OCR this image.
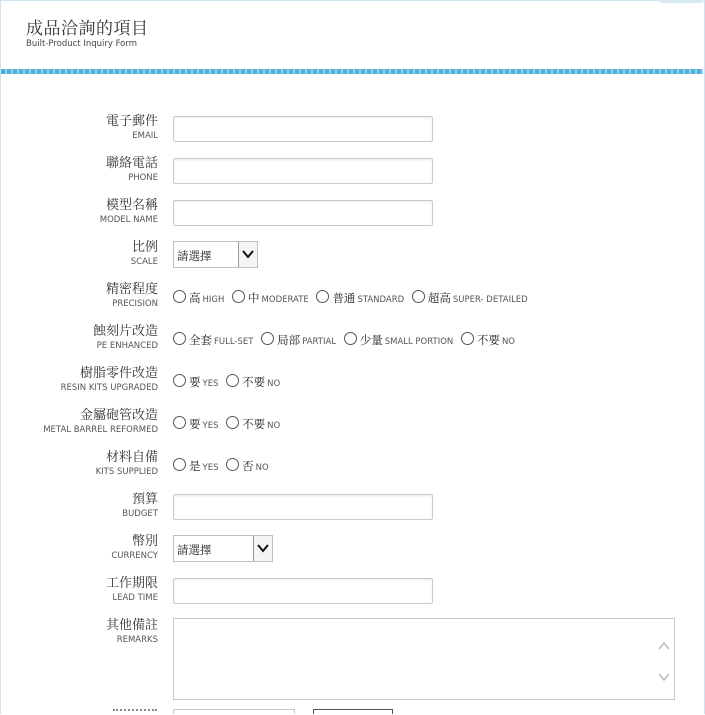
成品洽詢的項目
Built-Product Inquiry Form
電子郵件
EMAIL
聯絡電話
PHONE
模型名稱
MODEL NAME
比例
SCALE	請選擇
精密程度
PRECISION	高 HIGH 中 MODERATE 普通 STANDARD 超高 SUPER- DETAILED
蝕刻片改造
PE ENHANCED	全套 FULL-SET 局部 PARTIAL 少量 SMALL PORTION 不要 NO
樹脂零件改造
RESIN KITS UPGRADED	要 YES 不要 NO
金屬砲管改造
METAL BARREL REFORMED	要 YES 不要 NO
材料自備
KITS SUPPLIED	是 YES 否 NO
預算
BUDGET
幣別
CURRENCY	請選擇
工作期限
LEAD TIME
其他備註
REMARKS
